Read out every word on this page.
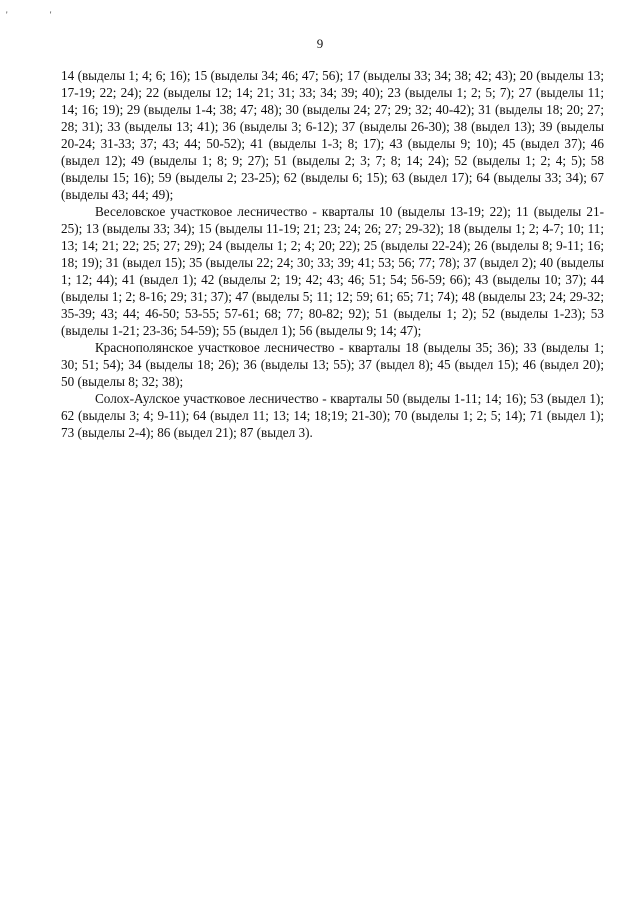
' '
9

14 (выделы 1; 4; 6; 16); 15 (выделы 34; 46; 47; 56); 17 (выделы 33; 34; 38; 42; 43); 20 (выделы 13; 17-19; 22; 24); 22 (выделы 12; 14; 21; 31; 33; 34; 39; 40); 23 (выделы 1; 2; 5; 7); 27 (выделы 11; 14; 16; 19); 29 (выделы 1-4; 38; 47; 48); 30 (выделы 24; 27; 29; 32; 40-42); 31 (выделы 18; 20; 27; 28; 31); 33 (выделы 13; 41); 36 (выделы 3; 6-12); 37 (выделы 26-30); 38 (выдел 13); 39 (выделы 20-24; 31-33; 37; 43; 44; 50-52); 41 (выделы 1-3; 8; 17); 43 (выделы 9; 10); 45 (выдел 37); 46 (выдел 12); 49 (выделы 1; 8; 9; 27); 51 (выделы 2; 3; 7; 8; 14; 24); 52 (выделы 1; 2; 4; 5); 58 (выделы 15; 16); 59 (выделы 2; 23-25); 62 (выделы 6; 15); 63 (выдел 17); 64 (выделы 33; 34); 67 (выделы 43; 44; 49);

Веселовское участковое лесничество - кварталы 10 (выделы 13-19; 22); 11 (выделы 21-25); 13 (выделы 33; 34); 15 (выделы 11-19; 21; 23; 24; 26; 27; 29-32); 18 (выделы 1; 2; 4-7; 10; 11; 13; 14; 21; 22; 25; 27; 29); 24 (выделы 1; 2; 4; 20; 22); 25 (выделы 22-24); 26 (выделы 8; 9-11; 16; 18; 19); 31 (выдел 15); 35 (выделы 22; 24; 30; 33; 39; 41; 53; 56; 77; 78); 37 (выдел 2); 40 (выделы 1; 12; 44); 41 (выдел 1); 42 (выделы 2; 19; 42; 43; 46; 51; 54; 56-59; 66); 43 (выделы 10; 37); 44 (выделы 1; 2; 8-16; 29; 31; 37); 47 (выделы 5; 11; 12; 59; 61; 65; 71; 74); 48 (выделы 23; 24; 29-32; 35-39; 43; 44; 46-50; 53-55; 57-61; 68; 77; 80-82; 92); 51 (выделы 1; 2); 52 (выделы 1-23); 53 (выделы 1-21; 23-36; 54-59); 55 (выдел 1); 56 (выделы 9; 14; 47);

Краснополянское участковое лесничество - кварталы 18 (выделы 35; 36); 33 (выделы 1; 30; 51; 54); 34 (выделы 18; 26); 36 (выделы 13; 55); 37 (выдел 8); 45 (выдел 15); 46 (выдел 20); 50 (выделы 8; 32; 38);

Солох-Аулское участковое лесничество - кварталы 50 (выделы 1-11; 14; 16); 53 (выдел 1); 62 (выделы 3; 4; 9-11); 64 (выдел 11; 13; 14; 18;19; 21-30); 70 (выделы 1; 2; 5; 14); 71 (выдел 1); 73 (выделы 2-4); 86 (выдел 21); 87 (выдел 3).
